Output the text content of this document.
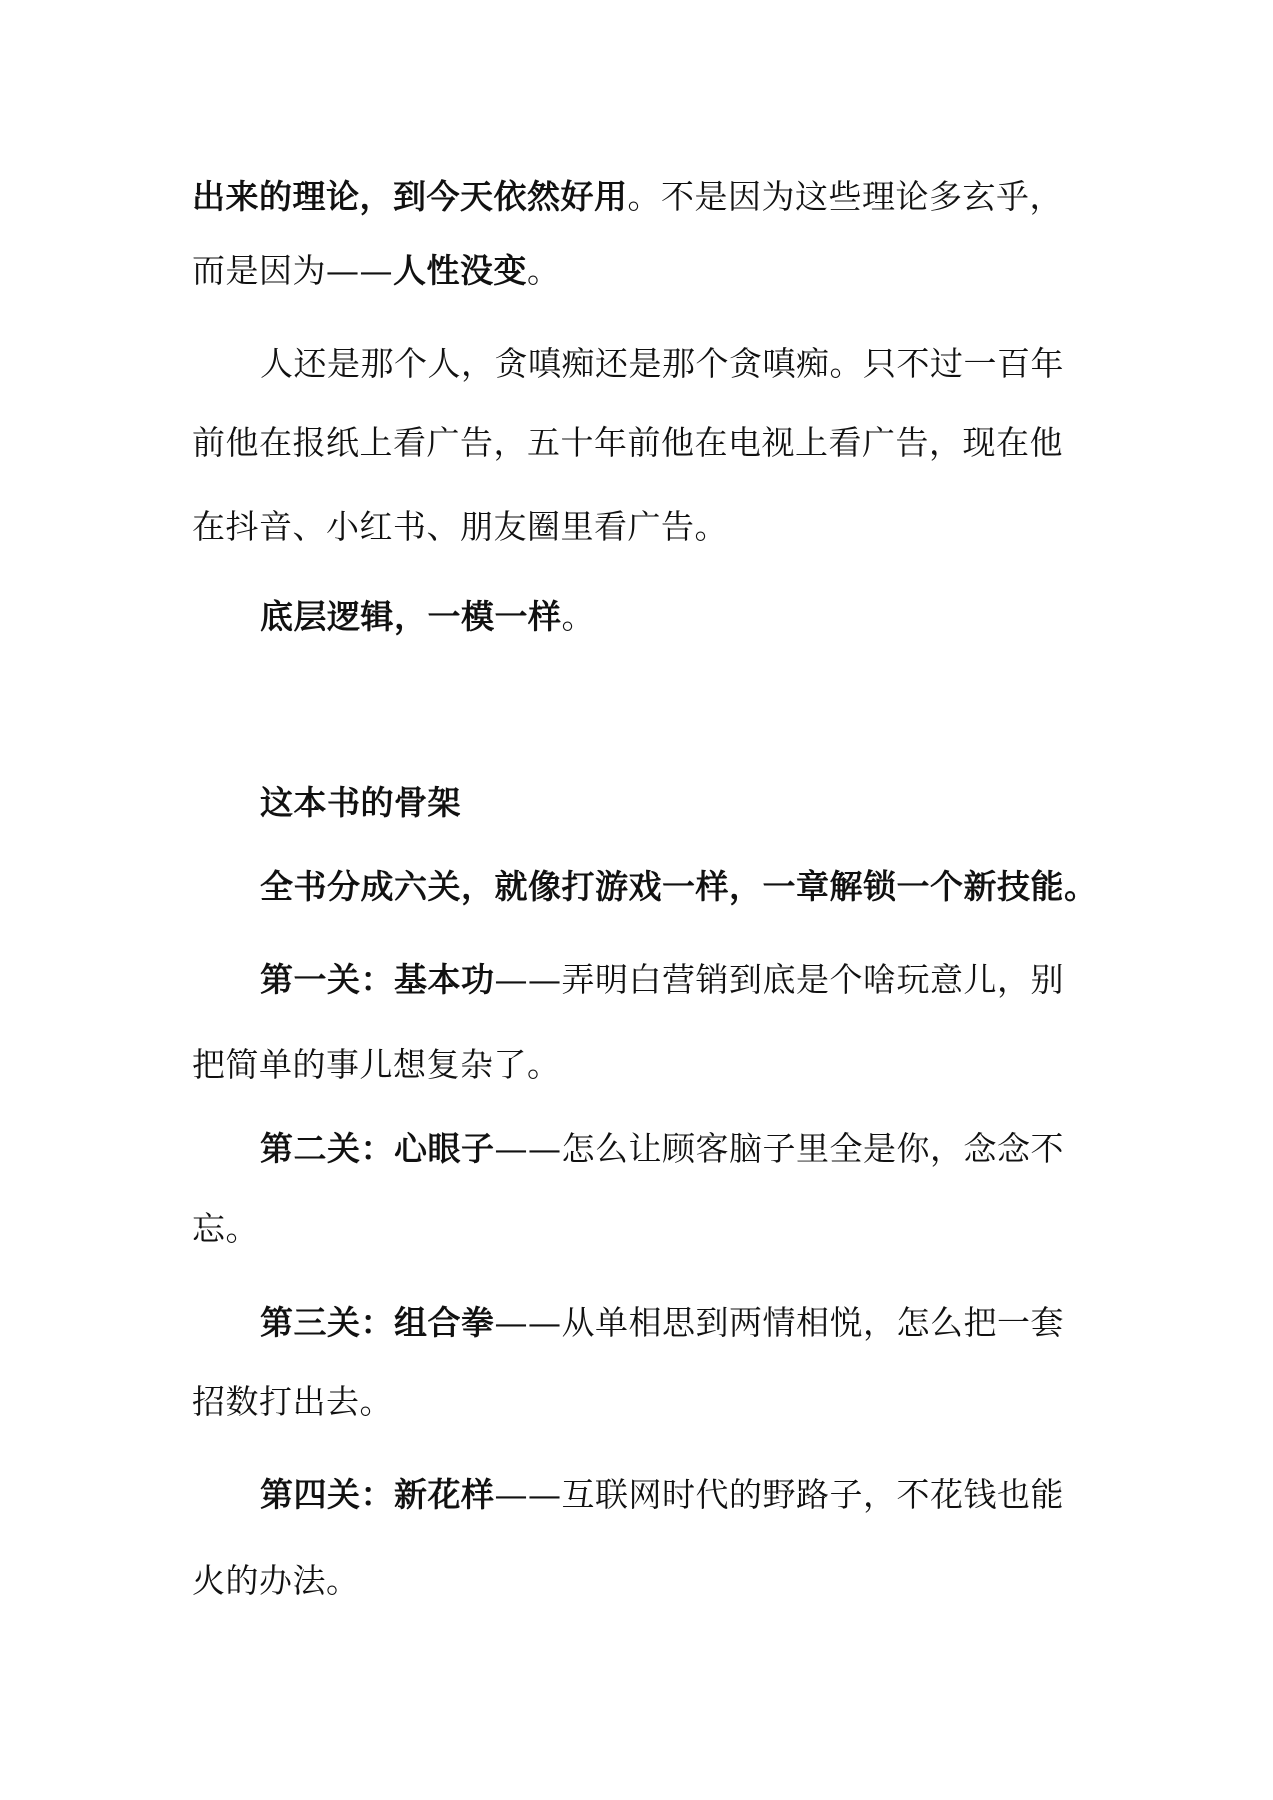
出来的理论，到今天依然好用。不是因为这些理论多玄乎，
而是因为——人性没变。
人还是那个人，贪嗔痴还是那个贪嗔痴。只不过一百年
前他在报纸上看广告，五十年前他在电视上看广告，现在他
在抖音、小红书、朋友圈里看广告。
底层逻辑，一模一样。
这本书的骨架
全书分成六关，就像打游戏一样，一章解锁一个新技能。
第一关：基本功——弄明白营销到底是个啥玩意儿，别
把简单的事儿想复杂了。
第二关：心眼子——怎么让顾客脑子里全是你，念念不
忘。
第三关：组合拳——从单相思到两情相悦，怎么把一套
招数打出去。
第四关：新花样——互联网时代的野路子，不花钱也能
火的办法。
